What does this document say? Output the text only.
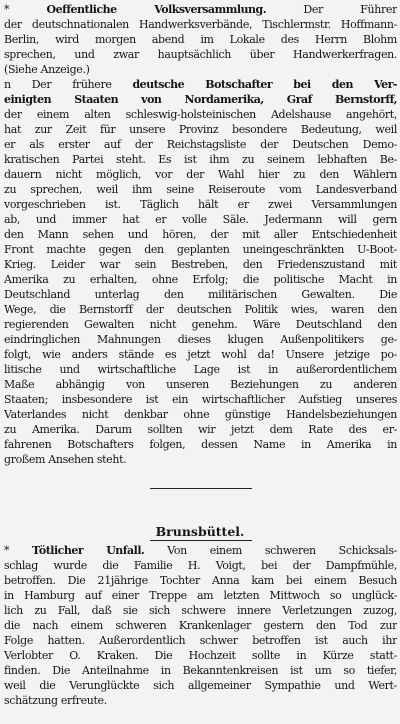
* Oeffentliche Volksversammlung. Der Führer
der deutschnationalen Handwerksverbände, Tischlermstr. Hoffmann-
Berlin, wird morgen abend im Lokale des Herrn Blohm
sprechen, und zwar hauptsächlich über Handwerkerfragen.
(Siehe Anzeige.)
n Der frühere deutsche Botschafter bei den Ver-
einigten Staaten von Nordamerika, Graf Bernstorff,
der einem alten schleswig-holsteinischen Adelshause angehört,
hat zur Zeit für unsere Provinz besondere Bedeutung, weil
er als erster auf der Reichstagsliste der Deutschen Demo-
kratischen Partei steht. Es ist ihm zu seinem lebhaften Be-
dauern nicht möglich, vor der Wahl hier zu den Wählern
zu sprechen, weil ihm seine Reiseroute vom Landesverband
vorgeschrieben ist. Täglich hält er zwei Versammlungen
ab, und immer hat er volle Säle. Jedermann will gern
den Mann sehen und hören, der mit aller Entschiedenheit
Front machte gegen den geplanten uneingeschränkten U-Boot-
Krieg. Leider war sein Bestreben, den Friedenszustand mit
Amerika zu erhalten, ohne Erfolg; die politische Macht in
Deutschland unterlag den militärischen Gewalten. Die
Wege, die Bernstorff der deutschen Politik wies, waren den
regierenden Gewalten nicht genehm. Wäre Deutschland den
eindringlichen Mahnungen dieses klugen Außenpolitikers ge-
folgt, wie anders stände es jetzt wohl da! Unsere jetzige po-
litische und wirtschaftliche Lage ist in außerordentlichem
Maße abhängig von unseren Beziehungen zu anderen
Staaten; insbesondere ist ein wirtschaftlicher Aufstieg unseres
Vaterlandes nicht denkbar ohne günstige Handelsbeziehungen
zu Amerika. Darum sollten wir jetzt dem Rate des er-
fahrenen Botschafters folgen, dessen Name in Amerika in
großem Ansehen steht.
Brunsbüttel.
* Tötlicher Unfall. Von einem schweren Schicksals-
schlag wurde die Familie H. Voigt, bei der Dampfmühle,
betroffen. Die 21jährige Tochter Anna kam bei einem Besuch
in Hamburg auf einer Treppe am letzten Mittwoch so unglück-
lich zu Fall, daß sie sich schwere innere Verletzungen zuzog,
die nach einem schweren Krankenlager gestern den Tod zur
Folge hatten. Außerordentlich schwer betroffen ist auch ihr
Verlobter O. Kraken. Die Hochzeit sollte in Kürze statt-
finden. Die Anteilnahme in Bekanntenkreisen ist um so tiefer,
weil die Verunglückte sich allgemeiner Sympathie und Wert-
schätzung erfreute.
